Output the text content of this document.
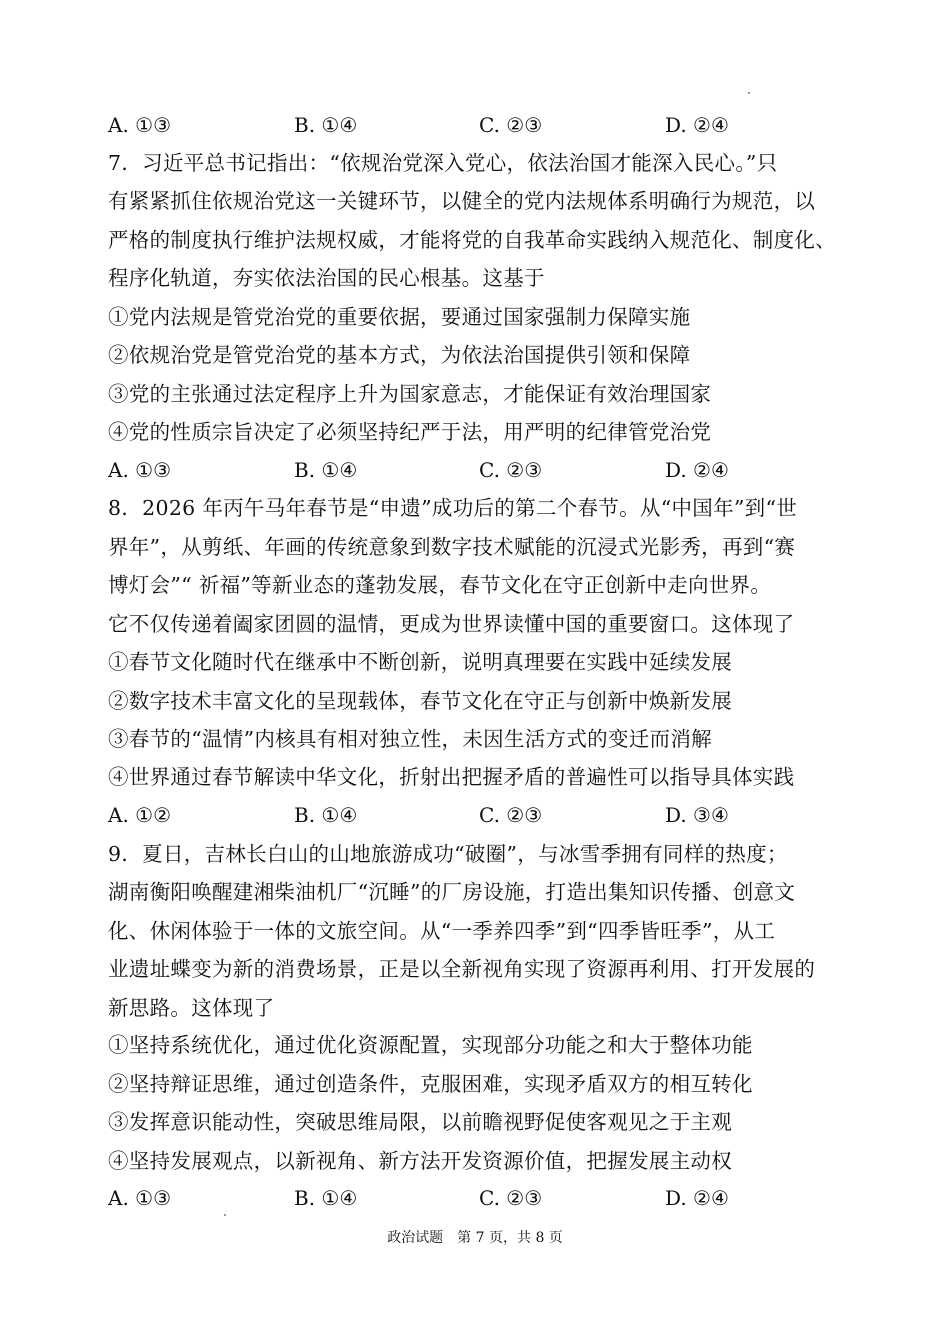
A. ①③	B. ①④	C. ②③	D. ②④
7．习近平总书记指出：“依规治党深入党心，依法治国才能深入民心。”只
有紧紧抓住依规治党这一关键环节，以健全的党内法规体系明确行为规范，以
严格的制度执行维护法规权威，才能将党的自我革命实践纳入规范化、制度化、
程序化轨道，夯实依法治国的民心根基。这基于
①党内法规是管党治党的重要依据，要通过国家强制力保障实施
②依规治党是管党治党的基本方式，为依法治国提供引领和保障
③党的主张通过法定程序上升为国家意志，才能保证有效治理国家
④党的性质宗旨决定了必须坚持纪严于法，用严明的纪律管党治党
A. ①③	B. ①④	C. ②③	D. ②④
8．2026 年丙午马年春节是“申遗”成功后的第二个春节。从“中国年”到“世
界年”，从剪纸、年画的传统意象到数字技术赋能的沉浸式光影秀，再到“赛
博灯会”“ 祈福”等新业态的蓬勃发展，春节文化在守正创新中走向世界。
它不仅传递着阖家团圆的温情，更成为世界读懂中国的重要窗口。这体现了
①春节文化随时代在继承中不断创新，说明真理要在实践中延续发展
②数字技术丰富文化的呈现载体，春节文化在守正与创新中焕新发展
③春节的“温情”内核具有相对独立性，未因生活方式的变迁而消解
④世界通过春节解读中华文化，折射出把握矛盾的普遍性可以指导具体实践
A. ①②	B. ①④	C. ②③	D. ③④
9．夏日，吉林长白山的山地旅游成功“破圈”，与冰雪季拥有同样的热度；
湖南衡阳唤醒建湘柴油机厂“沉睡”的厂房设施，打造出集知识传播、创意文
化、休闲体验于一体的文旅空间。从“一季养四季”到“四季皆旺季”，从工
业遗址蝶变为新的消费场景，正是以全新视角实现了资源再利用、打开发展的
新思路。这体现了
①坚持系统优化，通过优化资源配置，实现部分功能之和大于整体功能
②坚持辩证思维，通过创造条件，克服困难，实现矛盾双方的相互转化
③发挥意识能动性，突破思维局限，以前瞻视野促使客观见之于主观
④坚持发展观点，以新视角、新方法开发资源价值，把握发展主动权
A. ①③	B. ①④	C. ②③	D. ②④
政治试题　第 7 页，共 8 页
